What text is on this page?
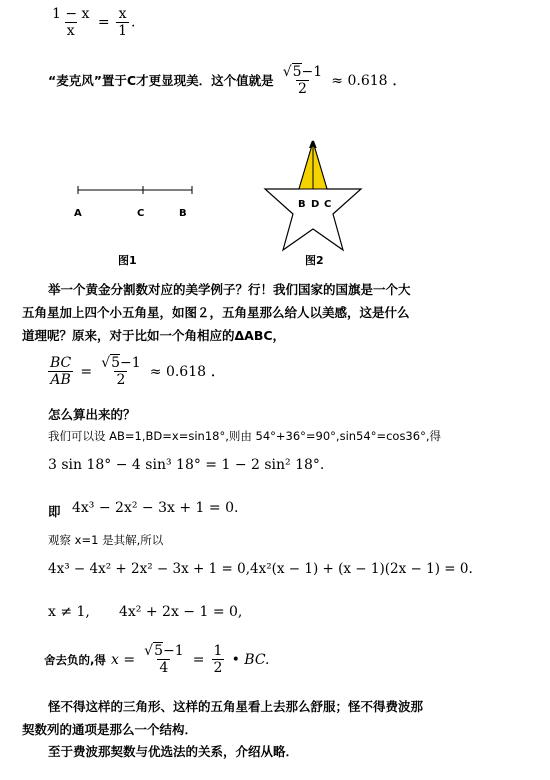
$\frac{1 - x}{x} = \frac{x}{1}$ .
“麦克风”置于C才更显现美．这个值就是 $\frac{√5-1}{2} \approx 0.618$ ．
A	C	B
图1
A
B D C
图2
举一个黄金分割数对应的美学例子？行！我们国家的国旗是一个大
五角星加上四个小五角星，如图２，五角星那么给人以美感，这是什么
道理呢？原来，对于比如一个角相应的ΔABC，
$\frac{BC}{AB} = \frac{√5-1}{2} \approx 0.618$ ．
怎么算出来的？
我们可以设 AB=1,BD=x=sin18°,则由 54°+36°=90°,sin54°=cos36°,得
3 sin 18° − 4 sin³ 18° = 1 − 2 sin² 18°.
即 4x³ − 2x² − 3x + 1 = 0.
观察 x=1 是其解,所以
4x³ − 4x² + 2x² − 3x + 1 = 0,4x²(x − 1) + (x − 1)(2x − 1) = 0.
x ≠ 1, 4x² + 2x − 1 = 0,
舍去负的,得 $x = \frac{√5-1}{4} = \frac{1}{2}$ • BC.
怪不得这样的三角形、这样的五角星看上去那么舒服；怪不得费波那
契数列的通项是那么一个结构．
至于费波那契数与优选法的关系，介绍从略．
